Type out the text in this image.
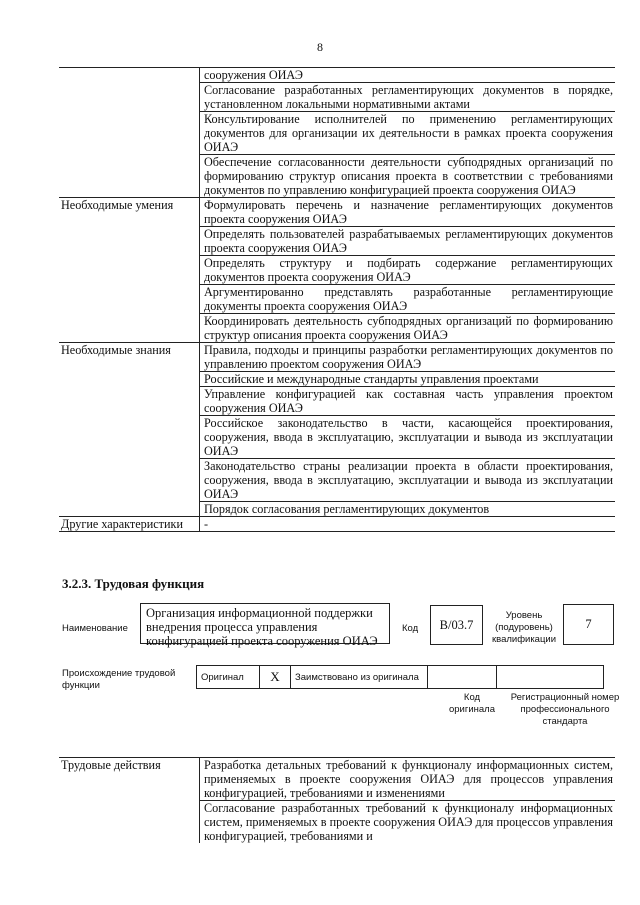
8
	сооружения ОИАЭ
	Согласование разработанных регламентирующих документов в порядке, установленном локальными нормативными актами
	Консультирование исполнителей по применению регламентирующих документов для организации их деятельности в рамках проекта сооружения ОИАЭ
	Обеспечение согласованности деятельности субподрядных организаций по формированию структур описания проекта в соответствии с требованиями документов по управлению конфигурацией проекта сооружения ОИАЭ
Необходимые умения	Формулировать перечень и назначение регламентирующих документов проекта сооружения ОИАЭ
	Определять пользователей разрабатываемых регламентирующих документов проекта сооружения ОИАЭ
	Определять структуру и подбирать содержание регламентирующих документов проекта сооружения ОИАЭ
	Аргументированно представлять разработанные регламентирующие документы проекта сооружения ОИАЭ
	Координировать деятельность субподрядных организаций по формированию структур описания проекта сооружения ОИАЭ
Необходимые знания	Правила, подходы и принципы разработки регламентирующих документов по управлению проектом сооружения ОИАЭ
	Российские и международные стандарты управления проектами
	Управление конфигурацией как составная часть управления проектом сооружения ОИАЭ
	Российское законодательство в части, касающейся проектирования, сооружения, ввода в эксплуатацию, эксплуатации и вывода из эксплуатации ОИАЭ
	Законодательство страны реализации проекта в области проектирования, сооружения, ввода в эксплуатацию, эксплуатации и вывода из эксплуатации ОИАЭ
	Порядок согласования регламентирующих документов
Другие характеристики	-
3.2.3. Трудовая функция
Наименование
Организация информационной поддержки внедрения процесса управления конфигурацией проекта сооружения ОИАЭ
Код	B/03.7
Уровень (подуровень) квалификации
7
Происхождение трудовой функции
Оригинал	X	Заимствовано из оригинала		
Код оригинала
Регистрационный номер профессионального стандарта
Трудовые действия	Разработка детальных требований к функционалу информационных систем, применяемых в проекте сооружения ОИАЭ для процессов управления конфигурацией, требованиями и изменениями
Согласование разработанных требований к функционалу информационных систем, применяемых в проекте сооружения ОИАЭ для процессов управления конфигурацией, требованиями и
